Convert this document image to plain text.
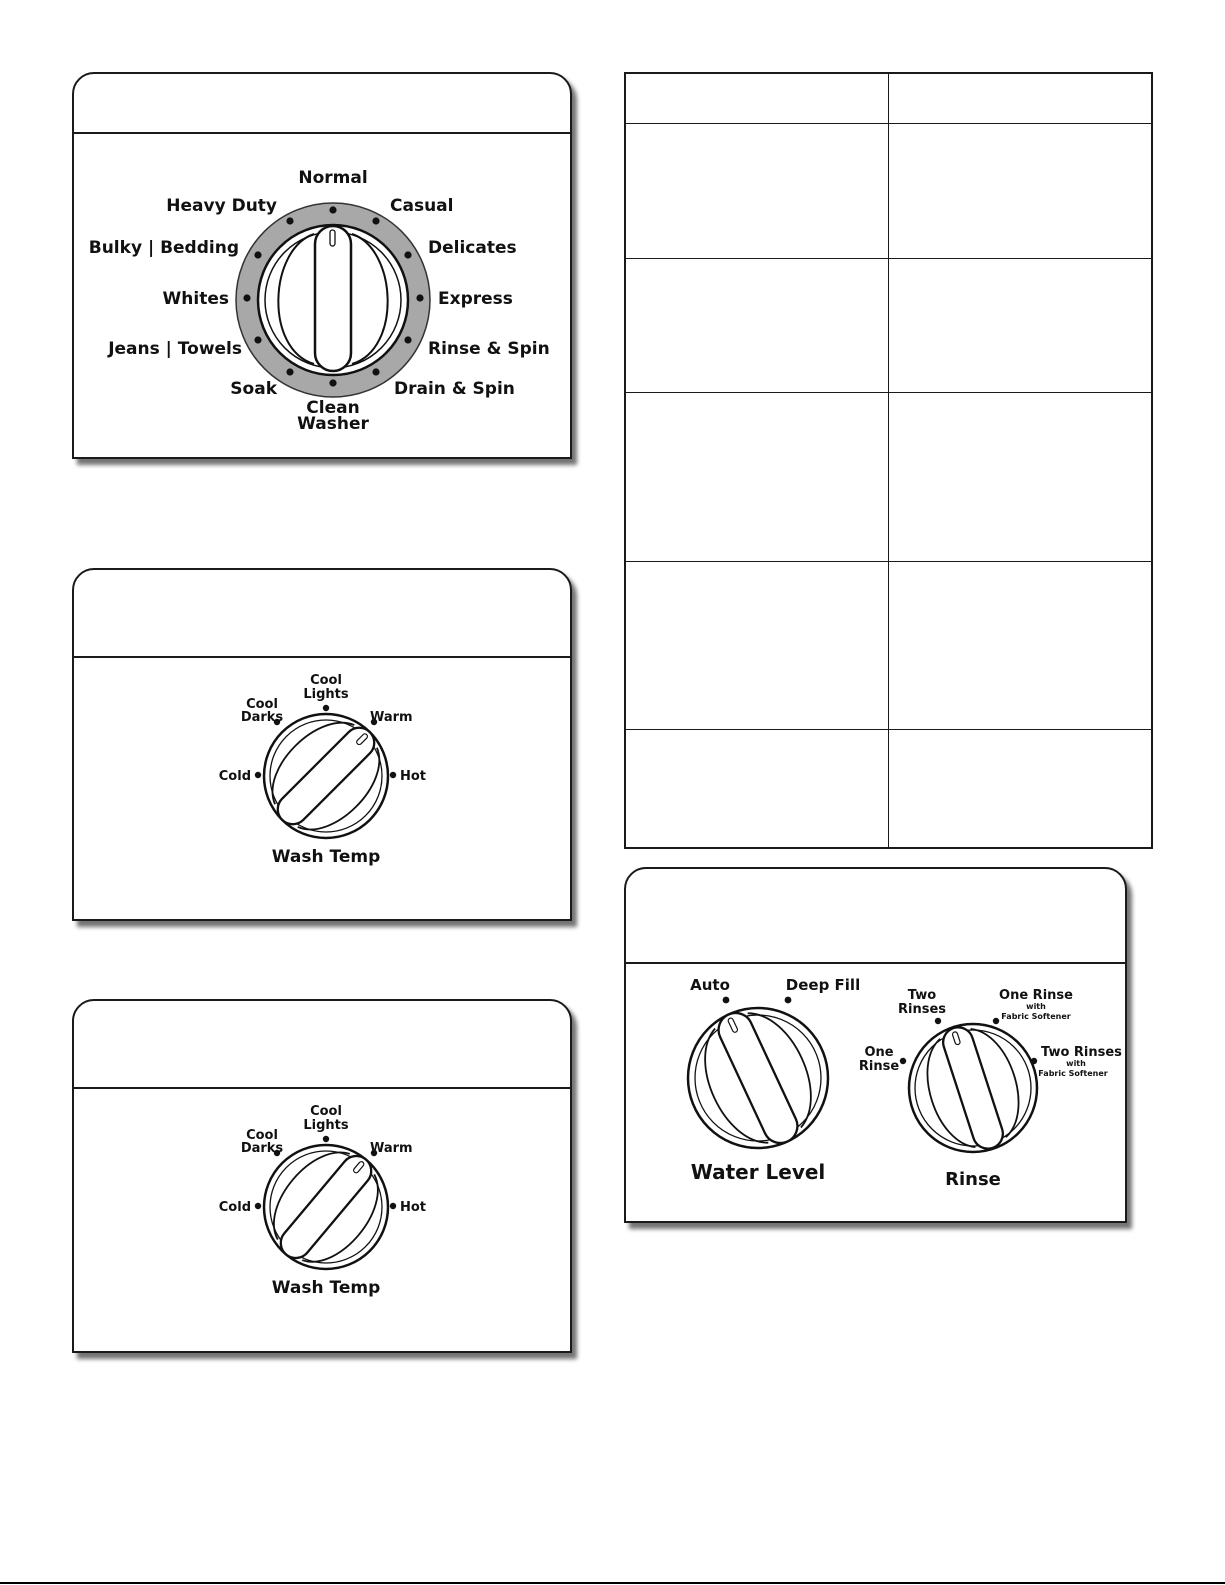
Normal
Heavy Duty	Casual
Bulky | Bedding	Delicates
Whites	Express
Jeans | Towels	Rinse & Spin
Soak	Drain & Spin
Clean
Washer
Cool
Lights
Cool
Darks	Warm
Cold	Hot
Wash Temp
Cool
Lights
Cool
Darks	Warm
Cold	Hot
Wash Temp

Auto	Deep Fill
Water Level
Two
Rinses
One Rinse
with
Fabric Softener
One
Rinse
Two Rinses
with
Fabric Softener
Rinse
